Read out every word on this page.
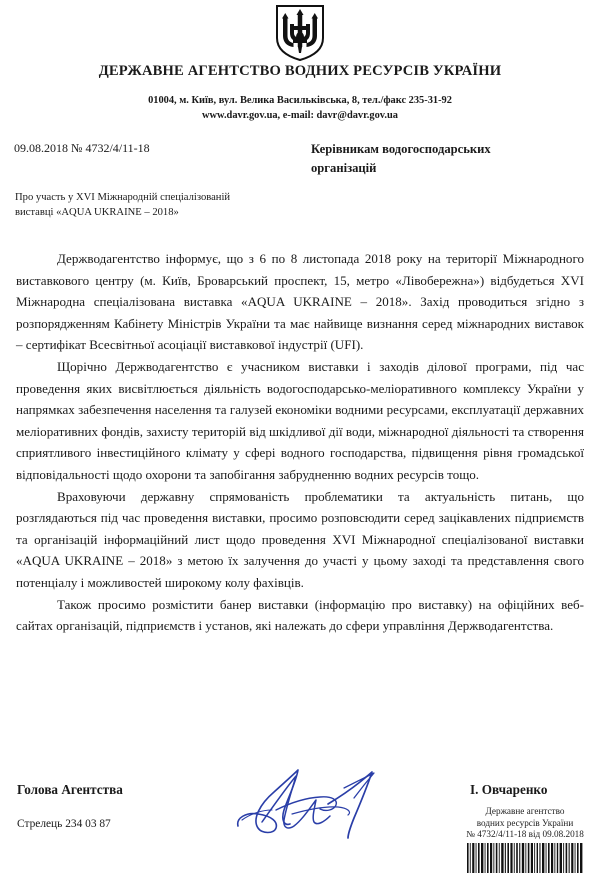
ДЕРЖАВНЕ АГЕНТСТВО ВОДНИХ РЕСУРСІВ УКРАЇНИ
01004, м. Київ, вул. Велика Васильківська, 8, тел./факс 235-31-92
www.davr.gov.ua, e-mail: davr@davr.gov.ua
09.08.2018 № 4732/4/11-18	Керівникам водогосподарських
організацій
Про участь у XVI Міжнародній спеціалізованій
виставці «AQUA UKRAINE – 2018»

Держводагентство інформує, що з 6 по 8 листопада 2018 року на території Міжнародного виставкового центру (м. Київ, Броварський проспект, 15, метро «Лівобережна») відбудеться XVI Міжнародна спеціалізована виставка «AQUA UKRAINE – 2018». Захід проводиться згідно з розпорядженням Кабінету Міністрів України та має найвище визнання серед міжнародних виставок – сертифікат Всесвітньої асоціації виставкової індустрії (UFI).

Щорічно Держводагентство є учасником виставки і заходів ділової програми, під час проведення яких висвітлюється діяльність водогосподарсько-меліоративного комплексу України у напрямках забезпечення населення та галузей економіки водними ресурсами, експлуатації державних меліоративних фондів, захисту територій від шкідливої дії води, міжнародної діяльності та створення сприятливого інвестиційного клімату у сфері водного господарства, підвищення рівня громадської відповідальності щодо охорони та запобігання забрудненню водних ресурсів тощо.

Враховуючи державну спрямованість проблематики та актуальність питань, що розглядаються під час проведення виставки, просимо розповсюдити серед зацікавлених підприємств та організацій інформаційний лист щодо проведення XVI Міжнародної спеціалізованої виставки «AQUA UKRAINE – 2018» з метою їх залучення до участі у цьому заході та представлення свого потенціалу і можливостей широкому колу фахівців.

Також просимо розмістити банер виставки (інформацію про виставку) на офіційних веб-сайтах організацій, підприємств і установ, які належать до сфери управління Держводагентства.

Голова Агентства	І. Овчаренко
Державне агентство
водних ресурсів України
№ 4732/4/11-18 від 09.08.2018
Стрелець 234 03 87
